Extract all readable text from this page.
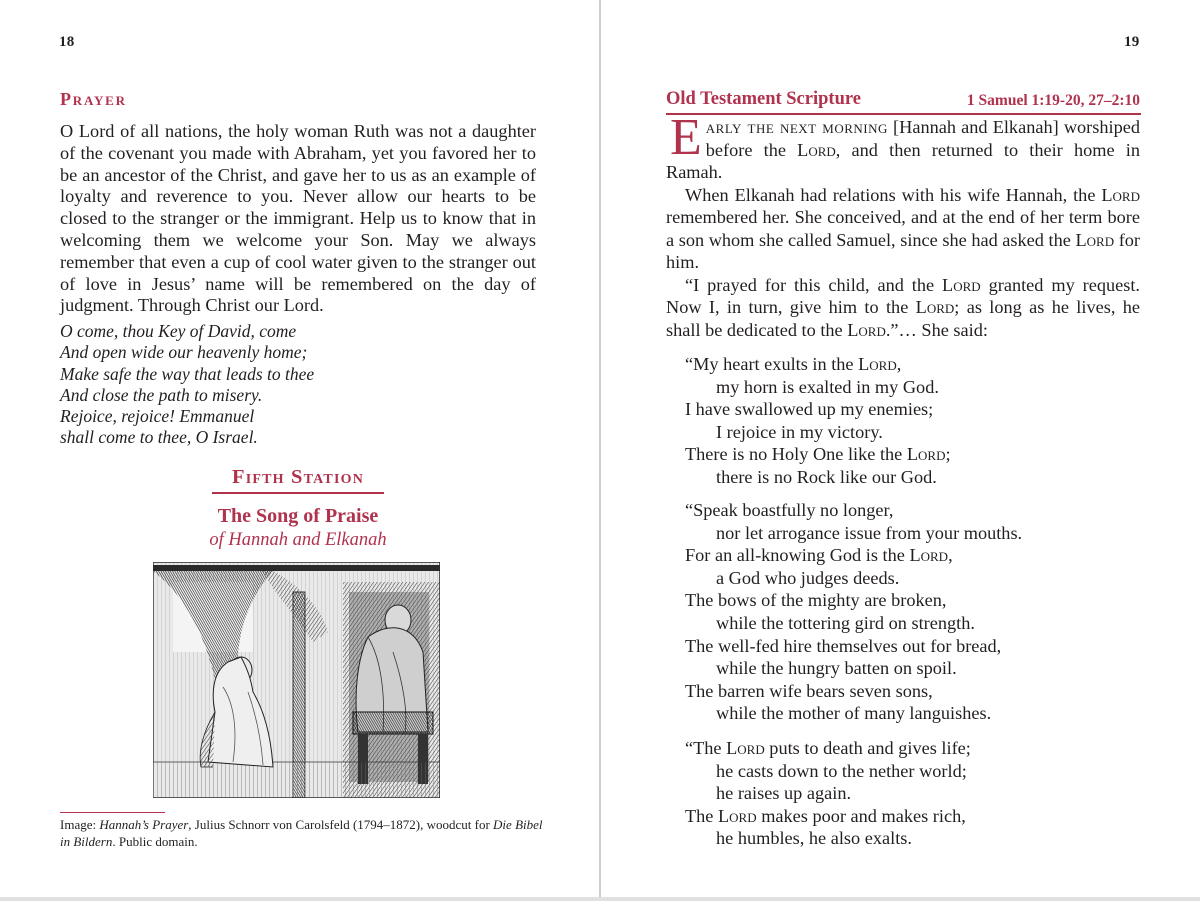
18
Prayer

O Lord of all nations, the holy woman Ruth was not a daughter of the covenant you made with Abraham, yet you favored her to be an ancestor of the Christ, and gave her to us as an example of loyalty and reverence to you. Never allow our hearts to be closed to the stranger or the immigrant. Help us to know that in welcoming them we welcome your Son. May we always remember that even a cup of cool water given to the stranger out of love in Jesus’ name will be remembered on the day of judgment. Through Christ our Lord.

O come, thou Key of David, come
And open wide our heavenly home;
Make safe the way that leads to thee
And close the path to misery.
Rejoice, rejoice! Emmanuel
shall come to thee, O Israel.
Fifth Station
The Song of Praise
of Hannah and Elkanah
Image: Hannah’s Prayer, Julius Schnorr von Carolsfeld (1794–1872), woodcut for Die Bibel in Bildern. Public domain.
19
Old Testament Scripture	1 Samuel 1:19-20, 27–2:10

Early the next morning [Hannah and Elkanah] worshiped before the Lord, and then returned to their home in Ramah.

When Elkanah had relations with his wife Hannah, the Lord remembered her. She conceived, and at the end of her term bore a son whom she called Samuel, since she had asked the Lord for him.

“I prayed for this child, and the Lord granted my request. Now I, in turn, give him to the Lord; as long as he lives, he shall be dedicated to the Lord.”… She said:

“My heart exults in the Lord,
my horn is exalted in my God.
I have swallowed up my enemies;
I rejoice in my victory.
There is no Holy One like the Lord;
there is no Rock like our God.
“Speak boastfully no longer,
nor let arrogance issue from your mouths.
For an all-knowing God is the Lord,
a God who judges deeds.
The bows of the mighty are broken,
while the tottering gird on strength.
The well-fed hire themselves out for bread,
while the hungry batten on spoil.
The barren wife bears seven sons,
while the mother of many languishes.
“The Lord puts to death and gives life;
he casts down to the nether world;
he raises up again.
The Lord makes poor and makes rich,
he humbles, he also exalts.
